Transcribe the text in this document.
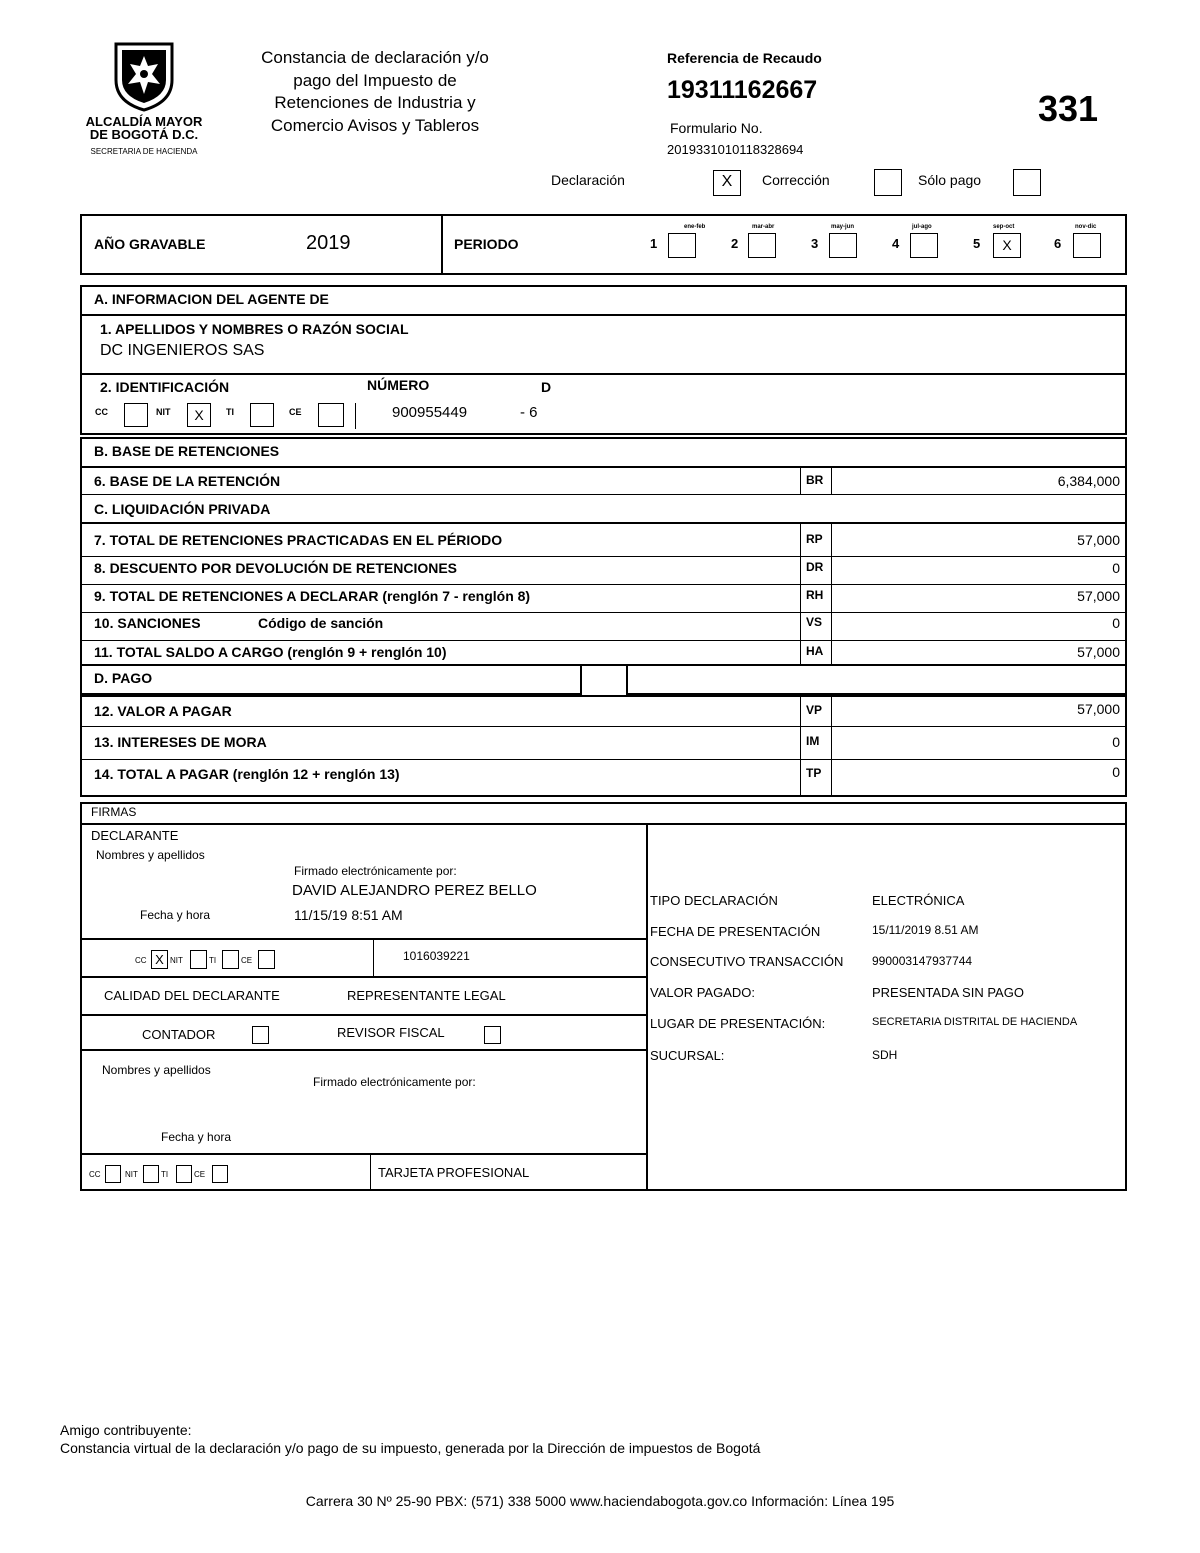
ALCALDÍA MAYOR
DE BOGOTÁ D.C.
SECRETARIA DE HACIENDA
Constancia de declaración y/o
pago del Impuesto de
Retenciones de Industria y
Comercio Avisos y Tableros
Referencia de Recaudo
19311162667
Formulario No.
2019331010118328694
331
Declaración	X	Corrección	Sólo pago
AÑO GRAVABLE	2019	PERIODO
ene-feb
1
mar-abr
2
may-jun
3
jul-ago
4
sep-oct
5	X
nov-dic
6
A. INFORMACION DEL AGENTE DE
1. APELLIDOS Y NOMBRES O RAZÓN SOCIAL
DC INGENIEROS SAS
2. IDENTIFICACIÓN	NÚMERO	D
CC	NIT	X	TI	CE	900955449	- 6
B. BASE DE RETENCIONES
6. BASE DE LA RETENCIÓN	BR	6,384,000
C. LIQUIDACIÓN PRIVADA
7. TOTAL DE RETENCIONES PRACTICADAS EN EL PÉRIODO	RP	57,000
8. DESCUENTO POR DEVOLUCIÓN DE RETENCIONES	DR	0
9. TOTAL DE RETENCIONES A DECLARAR (renglón 7 - renglón 8)	RH	57,000
10. SANCIONES	Código de sanción	VS	0
11. TOTAL SALDO A CARGO (renglón 9 + renglón 10)	HA	57,000
D. PAGO
12. VALOR A PAGAR	VP	57,000
13. INTERESES DE MORA	IM	0
14. TOTAL A PAGAR (renglón 12 + renglón 13)	TP	0
FIRMAS
DECLARANTE
Nombres y apellidos
Firmado electrónicamente por:
DAVID ALEJANDRO PEREZ BELLO
Fecha y hora	11/15/19 8:51 AM
CC X NIT	TI	CE	1016039221
CALIDAD DEL DECLARANTE	REPRESENTANTE LEGAL
CONTADOR	REVISOR FISCAL
Nombres y apellidos
Firmado electrónicamente por:
Fecha y hora
CC	NIT	TI	CE	TARJETA PROFESIONAL
TIPO DECLARACIÓN	ELECTRÓNICA
FECHA DE PRESENTACIÓN	15/11/2019 8.51 AM
CONSECUTIVO TRANSACCIÓN 990003147937744
VALOR PAGADO:	PRESENTADA SIN PAGO
LUGAR DE PRESENTACIÓN:	SECRETARIA DISTRITAL DE HACIENDA
SUCURSAL:	SDH
Amigo contribuyente:
Constancia virtual de la declaración y/o pago de su impuesto, generada por la Dirección de impuestos de Bogotá
Carrera 30 Nº 25-90 PBX: (571) 338 5000 www.haciendabogota.gov.co Información: Línea 195
